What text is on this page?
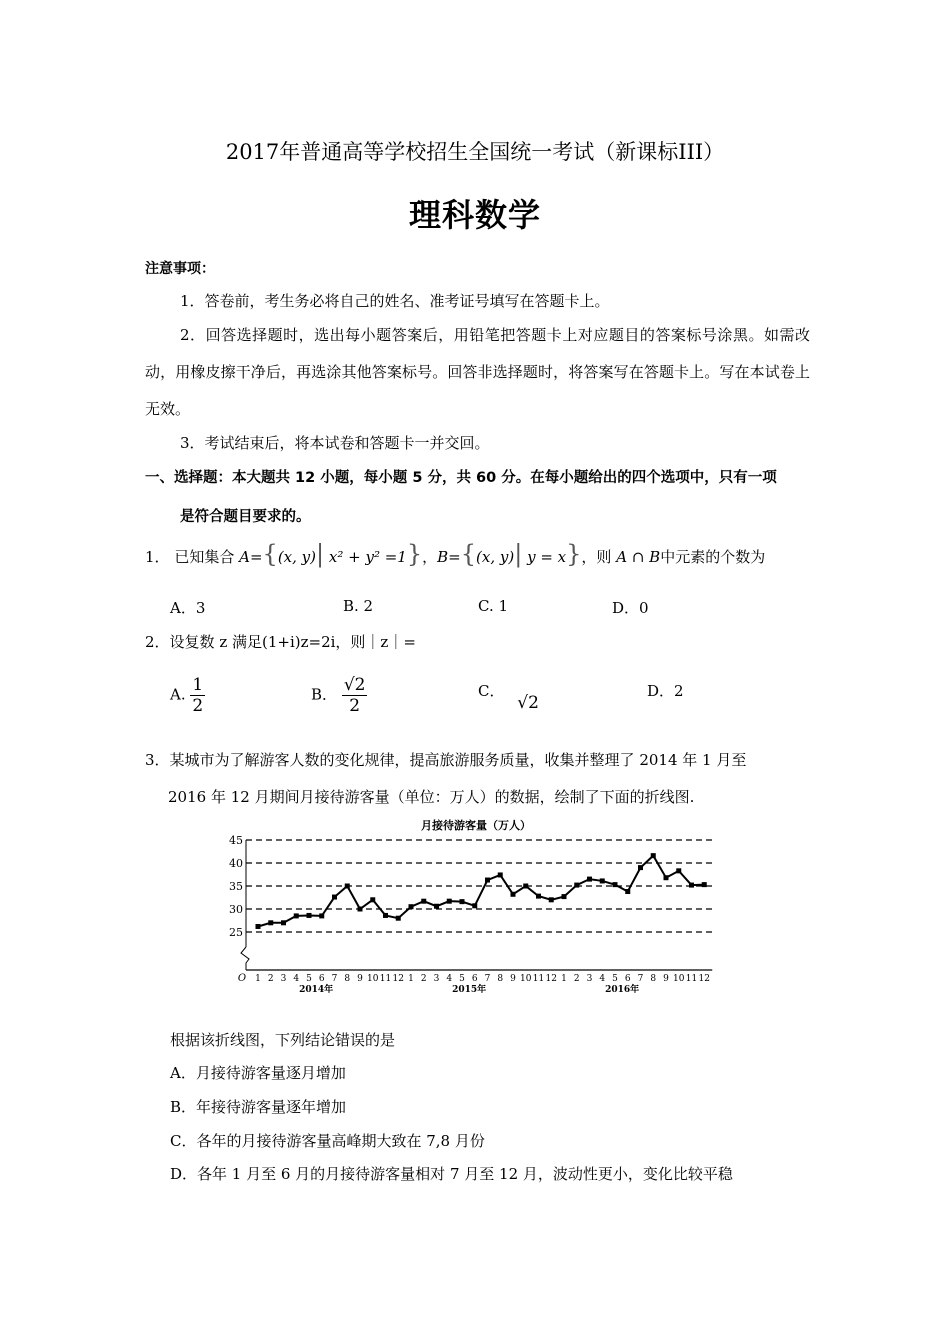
2017年普通高等学校招生全国统一考试（新课标III）
理科数学
注意事项：
1．答卷前，考生务必将自己的姓名、准考证号填写在答题卡上。
2．回答选择题时，选出每小题答案后，用铅笔把答题卡上对应题目的答案标号涂黑。如需改动，用橡皮擦干净后，再选涂其他答案标号。回答非选择题时，将答案写在答题卡上。写在本试卷上无效。
3．考试结束后，将本试卷和答题卡一并交回。
一、选择题：本大题共 12 小题，每小题 5 分，共 60 分。在每小题给出的四个选项中，只有一项
是符合题目要求的。
1． 已知集合 A={(x, y)| x² + y² =1}，B={(x, y)| y = x}，则 A ∩ B中元素的个数为
A．3	B. 2	C. 1	D．0
2．设复数 z 满足(1+i)z=2i，则｜z｜=
A. $\frac{1}{2}$	B． $\frac{√2}{2}$	C． √2
D．2
3．某城市为了解游客人数的变化规律，提高旅游服务质量，收集并整理了 2014 年 1 月至
2016 年 12 月期间月接待游客量（单位：万人）的数据，绘制了下面的折线图.
月接待游客量（万人）
25
30
35
40
45
O 1 2 3 4 5 6 7 8 9 10 11 12 1 2 3 4 5 6 7 8 9 10 11 12 1 2 3 4 5 6 7 8 9 10 11 12
2014年	2015年	2016年
根据该折线图，下列结论错误的是
A．月接待游客量逐月增加
B．年接待游客量逐年增加
C．各年的月接待游客量高峰期大致在 7,8 月份
D．各年 1 月至 6 月的月接待游客量相对 7 月至 12 月，波动性更小，变化比较平稳
